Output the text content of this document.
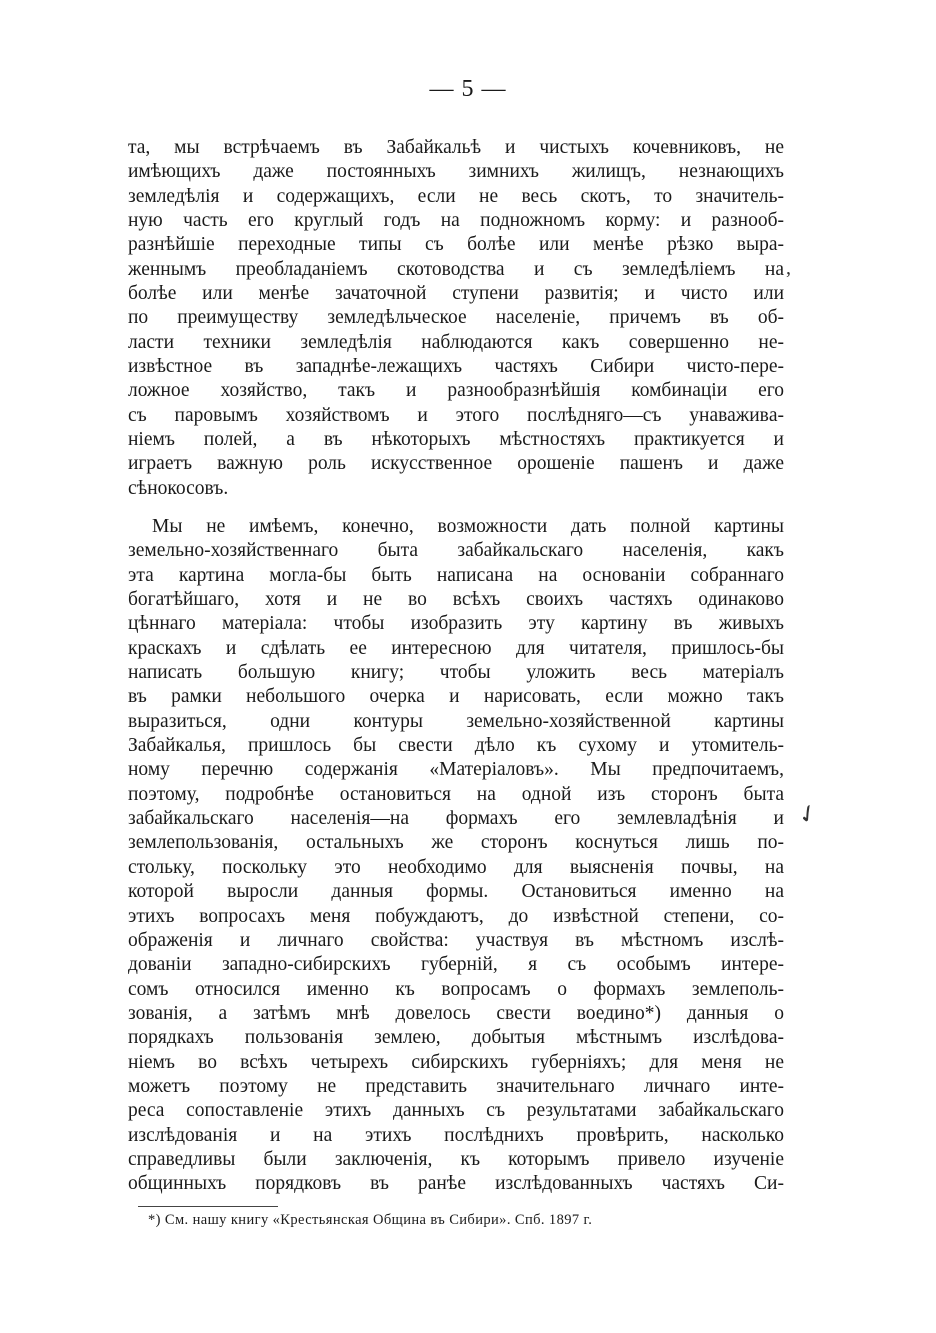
— 5 —
,
✓
та, мы встрѣчаемъ въ Забайкальѣ и чистыхъ кочевниковъ, не
имѣющихъ даже постоянныхъ зимнихъ жилищъ, незнающихъ
земледѣлія и содержащихъ, если не весь скотъ, то значитель-
ную часть его круглый годъ на подножномъ корму: и разнооб-
разнѣйшіе переходные типы съ болѣе или менѣе рѣзко выра-
женнымъ преобладаніемъ скотоводства и съ земледѣліемъ на
болѣе или менѣе зачаточной ступени развитія; и чисто или
по преимуществу земледѣльческое населеніе, причемъ въ об-
ласти техники земледѣлія наблюдаются какъ совершенно не-
извѣстное въ западнѣе-лежащихъ частяхъ Сибири чисто-пере-
ложное хозяйство, такъ и разнообразнѣйшія комбинаціи его
съ паровымъ хозяйствомъ и этого послѣдняго—съ унаваживa-
ніемъ полей, а въ нѣкоторыхъ мѣстностяхъ практикуется и
играетъ важную роль искусственное орошеніе пашенъ и даже
сѣнокосовъ.
Мы не имѣемъ, конечно, возможности дать полной картины
земельно-хозяйственнаго быта забайкальскаго населенія, какъ
эта картина могла-бы быть написана на основаніи собраннаго
богатѣйшаго, хотя и не во всѣхъ своихъ частяхъ одинаково
цѣннаго матеріала: чтобы изобразить эту картину въ живыхъ
краскахъ и сдѣлать ее интересною для читателя, пришлось-бы
написать большую книгу; чтобы уложить весь матеріалъ
въ рамки небольшого очерка и нарисовать, если можно такъ
выразиться, одни контуры земельно-хозяйственной картины
Забайкалья, пришлось бы свести дѣло къ сухому и утомитель-
ному перечню содержанія «Матеріаловъ». Мы предпочитаемъ,
поэтому, подробнѣе остановиться на одной изъ сторонъ быта
забайкальскаго населенія—на формахъ его землевладѣнія и
землепользованія, остальныхъ же сторонъ коснуться лишь по-
стольку, поскольку это необходимо для выясненія почвы, на
которой выросли данныя формы. Остановиться именно на
этихъ вопросахъ меня побуждаютъ, до извѣстной степени, со-
ображенія и личнаго свойства: участвуя въ мѣстномъ изслѣ-
дованіи западно-сибирскихъ губерній, я съ особымъ интере-
сомъ относился именно къ вопросамъ о формахъ землеполь-
зованія, а затѣмъ мнѣ довелось свести воедино*) данныя о
порядкахъ пользованія землею, добытыя мѣстнымъ изслѣдова-
ніемъ во всѣхъ четырехъ сибирскихъ губерніяхъ; для меня не
можетъ поэтому не представить значительнаго личнаго инте-
реса сопоставленіе этихъ данныхъ съ результатами забайкальскаго
изслѣдованія и на этихъ послѣднихъ провѣрить, насколько
справедливы были заключенія, къ которымъ привело изученіе
общинныхъ порядковъ въ ранѣе изслѣдованныхъ частяхъ Си-
*) См. нашу книгу «Крестьянская Община въ Сибири». Спб. 1897 г.
